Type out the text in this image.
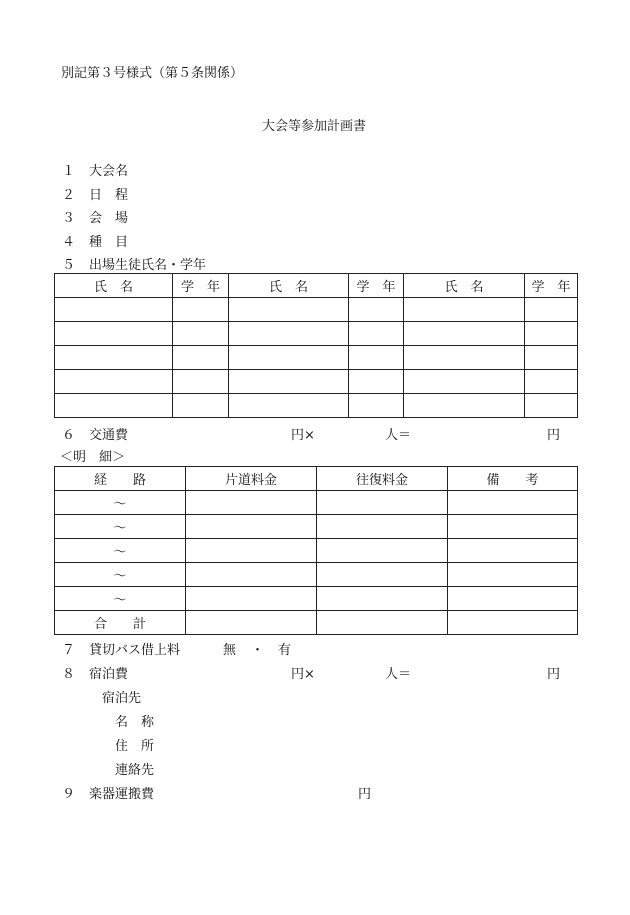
別記第３号様式（第５条関係）
大会等参加計画書
１ 大会名
２ 日　程
３ 会　場
４ 種　目
５ 出場生徒氏名・学年
氏　名	学　年	氏　名	学　年	氏　名	学　年

６ 交通費	円×	人＝	円
＜明　細＞
経　　路	片道料金	往復料金	備　　考
〜			
〜			
〜			
〜			
〜			
合　　計			
７ 貸切バス借上料	無 ・ 有
８ 宿泊費	円×	人＝	円
宿泊先
名　称
住　所
連絡先
９ 楽器運搬費	円
